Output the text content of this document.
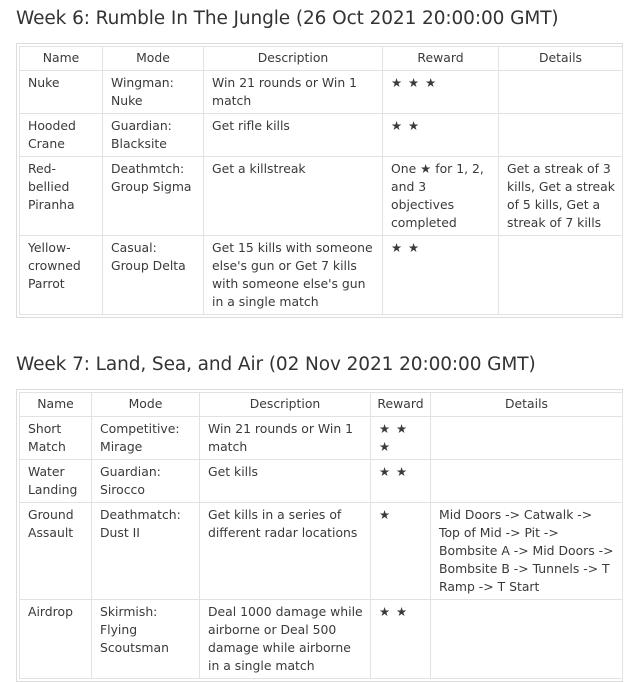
Week 6: Rumble In The Jungle (26 Oct 2021 20:00:00 GMT)
Name	Mode	Description	Reward	Details
Nuke	Wingman: Nuke	Win 21 rounds or Win 1 match	★ ★ ★	
Hooded Crane	Guardian: Blacksite	Get rifle kills	★ ★	
Red-bellied Piranha	Deathmtch: Group Sigma	Get a killstreak	One ★ for 1, 2, and 3 objectives completed	Get a streak of 3 kills, Get a streak of 5 kills, Get a streak of 7 kills
Yellow-crowned Parrot	Casual: Group Delta	Get 15 kills with someone else's gun or Get 7 kills with someone else's gun in a single match	★ ★	
Week 7: Land, Sea, and Air (02 Nov 2021 20:00:00 GMT)
Name	Mode	Description	Reward	Details
Short Match	Competitive: Mirage	Win 21 rounds or Win 1 match	★ ★ ★	
Water Landing	Guardian: Sirocco	Get kills	★ ★	
Ground Assault	Deathmatch: Dust II	Get kills in a series of different radar locations	★	Mid Doors -> Catwalk -> Top of Mid -> Pit -> Bombsite A -> Mid Doors -> Bombsite B -> Tunnels -> T Ramp -> T Start
Airdrop	Skirmish: Flying Scoutsman	Deal 1000 damage while airborne or Deal 500 damage while airborne in a single match	★ ★	
